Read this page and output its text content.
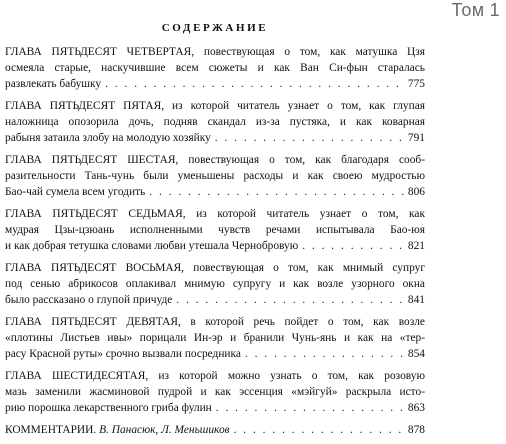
Том 1
СОДЕРЖАНИЕ
ГЛАВА ПЯТЬДЕСЯТ ЧЕТВЕРТАЯ, повествующая о том, как матушка Цзя
осмеяла старые, наскучившие всем сюжеты и как Ван Си-фын старалась
развлекать бабушку . . .	775
ГЛАВА ПЯТЬДЕСЯТ ПЯТАЯ, из которой читатель узнает о том, как глупая
наложница опозорила дочь, подняв скандал из-за пустяка, и как коварная
рабыня затаила злобу на молодую хозяйку . . .	791
ГЛАВА ПЯТЬДЕСЯТ ШЕСТАЯ, повествующая о том, как благодаря сооб-
разительности Тань-чунь были уменьшены расходы и как своею мудростью
Бао-чай сумела всем угодить . . .	806
ГЛАВА ПЯТЬДЕСЯТ СЕДЬМАЯ, из которой читатель узнает о том, как
мудрая Цзы-цзюань исполненными чувств речами испытывала Бао-юя
и как добрая тетушка словами любви утешала Чернобровую . . .	821
ГЛАВА ПЯТЬДЕСЯТ ВОСЬМАЯ, повествующая о том, как мнимый супруг
под сенью абрикосов оплакивал мнимую супругу и как возле узорного окна
было рассказано о глупой причуде . . .	841
ГЛАВА ПЯТЬДЕСЯТ ДЕВЯТАЯ, в которой речь пойдет о том, как возле
«плотины Листьев ивы» порицали Ин-эр и бранили Чунь-янь и как на «тер-
расу Красной руты» срочно вызвали посредника . . .	854
ГЛАВА ШЕСТИДЕСЯТАЯ, из которой можно узнать о том, как розовую
мазь заменили жасминовой пудрой и как эссенция «мэйгуй» раскрыла исто-
рию порошка лекарственного гриба фулин . . .	863
КОММЕНТАРИИ. В. Панасюк, Л. Меньшиков . . .	878
